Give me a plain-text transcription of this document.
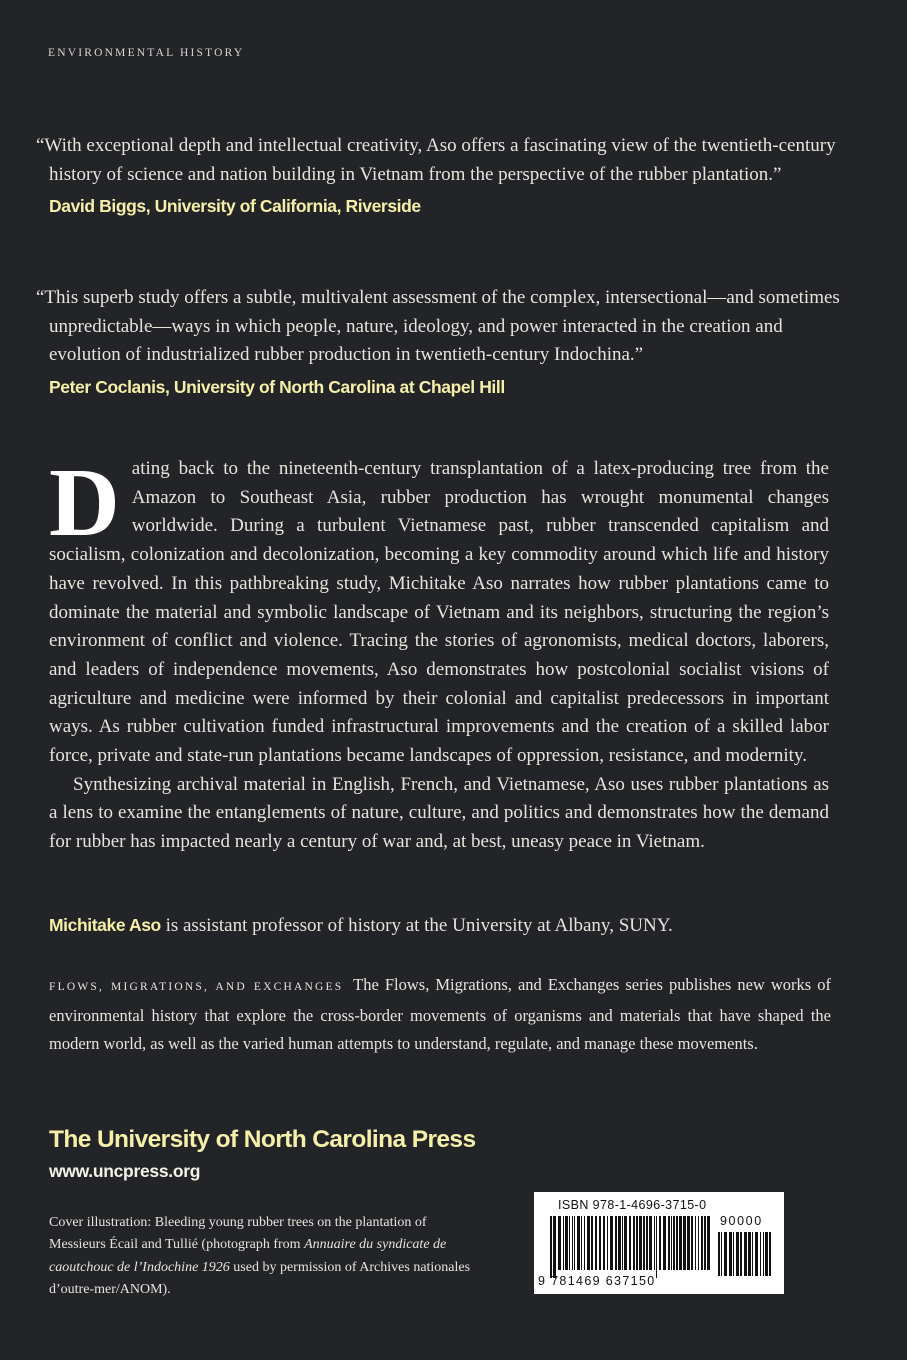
ENVIRONMENTAL HISTORY

“With exceptional depth and intellectual creativity, Aso offers a fascinating view of the twentieth-century history of science and nation building in Vietnam from the perspective of the rubber plantation.”

David Biggs, University of California, Riverside

“This superb study offers a subtle, multivalent assessment of the complex, intersectional—and sometimes unpredictable—ways in which people, nature, ideology, and power interacted in the creation and evolution of industrialized rubber production in twentieth-century Indochina.”

Peter Coclanis, University of North Carolina at Chapel Hill

Dating back to the nineteenth-century transplantation of a latex-producing tree from the Amazon to Southeast Asia, rubber production has wrought monumental changes worldwide. During a turbulent Vietnamese past, rubber transcended capitalism and socialism, colonization and decolonization, becoming a key commodity around which life and history have revolved. In this pathbreaking study, Michitake Aso narrates how rubber plantations came to dominate the material and symbolic landscape of Vietnam and its neighbors, structuring the region’s environment of conflict and violence. Tracing the stories of agronomists, medical doctors, laborers, and leaders of independence movements, Aso demonstrates how postcolonial socialist visions of agriculture and medicine were informed by their colonial and capitalist predecessors in important ways. As rubber cultivation funded infrastructural improvements and the creation of a skilled labor force, private and state-run plantations became landscapes of oppression, resistance, and modernity.

Synthesizing archival material in English, French, and Vietnamese, Aso uses rubber plantations as a lens to examine the entanglements of nature, culture, and politics and demonstrates how the demand for rubber has impacted nearly a century of war and, at best, uneasy peace in Vietnam.

Michitake Aso is assistant professor of history at the University at Albany, SUNY.

FLOWS, MIGRATIONS, AND EXCHANGES The Flows, Migrations, and Exchanges series publishes new works of environmental history that explore the cross-border movements of organisms and materials that have shaped the modern world, as well as the varied human attempts to understand, regulate, and manage these movements.

The University of North Carolina Press
www.uncpress.org

Cover illustration: Bleeding young rubber trees on the plantation of Messieurs Écail and Tullié (photograph from Annuaire du syndicate de caoutchouc de l’Indochine 1926 used by permission of Archives nationales d’outre-mer/ANOM).

ISBN 978-1-4696-3715-0
90000
9 781469 637150
